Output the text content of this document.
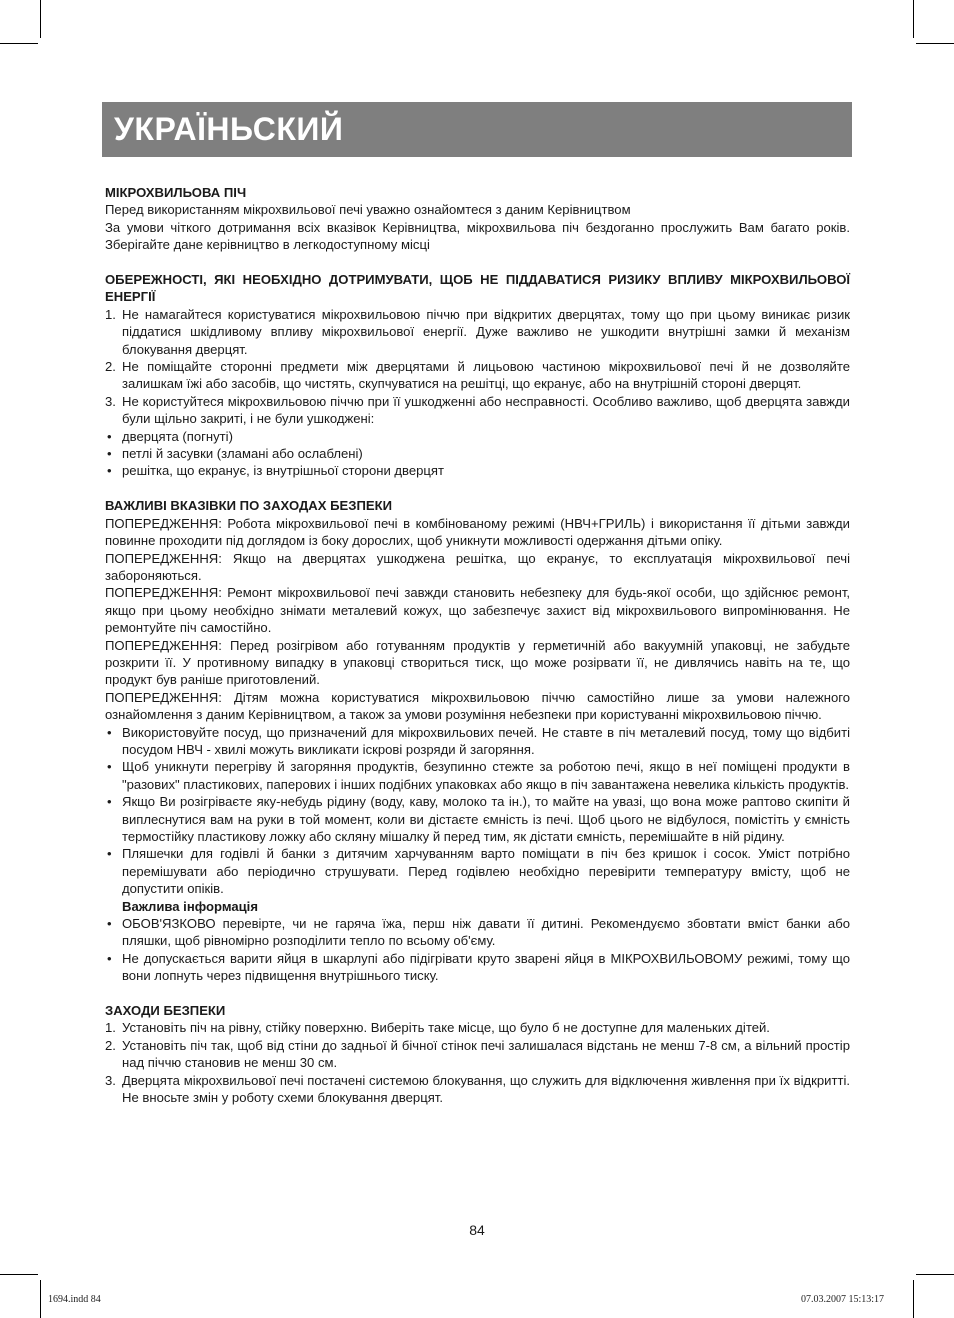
УКРАЇНЬСКИЙ

МІКРОХВИЛЬОВА ПІЧ

Перед використанням мікрохвильової печі уважно ознайомтеся з даним Керівництвом

За умови чіткого дотримання всіх вказівок Керівництва, мікрохвильова піч бездоганно прослужить Вам багато років. Зберігайте дане керівництво в легкодоступному місці

ОБЕРЕЖНОСТІ, ЯКІ НЕОБХІДНО ДОТРИМУВАТИ, ЩОБ НЕ ПІДДАВАТИСЯ РИЗИКУ ВПЛИВУ МІКРОХВИЛЬОВОЇ ЕНЕРГІЇ

1. Не намагайтеся користуватися мікрохвильовою піччю при відкритих дверцятах, тому що при цьому виникає ризик піддатися шкідливому впливу мікрохвильової енергії. Дуже важливо не ушкодити внутрішні замки й механізм блокування дверцят.
2. Не поміщайте сторонні предмети між дверцятами й лицьовою частиною мікрохвильової печі й не дозволяйте залишкам їжі або засобів, що чистять, скупчуватися на решітці, що екранує, або на внутрішній стороні дверцят.
3. Не користуйтеся мікрохвильовою піччю при її ушкодженні або несправності. Особливо важливо, щоб дверцята завжди були щільно закриті, і не були ушкоджені:
• дверцята (погнуті)
• петлі й засувки (зламані або ослаблені)
• решітка, що екранує, із внутрішньої сторони дверцят

ВАЖЛИВІ ВКАЗІВКИ ПО ЗАХОДАХ БЕЗПЕКИ

ПОПЕРЕДЖЕННЯ: Робота мікрохвильової печі в комбінованому режимі (НВЧ+ГРИЛЬ) і використання її дітьми завжди повинне проходити під доглядом із боку дорослих, щоб уникнути можливості одержання дітьми опіку.

ПОПЕРЕДЖЕННЯ: Якщо на дверцятах ушкоджена решітка, що екранує, то експлуатація мікрохвильової печі забороняються.

ПОПЕРЕДЖЕННЯ: Ремонт мікрохвильової печі завжди становить небезпеку для будь-якої особи, що здійснює ремонт, якщо при цьому необхідно знімати металевий кожух, що забезпечує захист від мікрохвильового випромінювання. Не ремонтуйте піч самостійно.

ПОПЕРЕДЖЕННЯ: Перед розігрівом або готуванням продуктів у герметичній або вакуумній упаковці, не забудьте розкрити її. У противному випадку в упаковці створиться тиск, що може розірвати її, не дивлячись навіть на те, що продукт був раніше приготовлений.

ПОПЕРЕДЖЕННЯ: Дітям можна користуватися мікрохвильовою піччю самостійно лише за умови належного ознайомлення з даним Керівництвом, а також за умови розуміння небезпеки при користуванні мікрохвильовою піччю.

• Використовуйте посуд, що призначений для мікрохвильових печей. Не ставте в піч металевий посуд, тому що відбиті посудом НВЧ - хвилі можуть викликати іскрові розряди й загоряння.
• Щоб уникнути перегріву й загоряння продуктів, безупинно стежте за роботою печі, якщо в неї поміщені продукти в "разових" пластикових, паперових і інших подібних упаковках або якщо в піч завантажена невелика кількість продуктів.
• Якщо Ви розігріваєте яку-небудь рідину (воду, каву, молоко та ін.), то майте на увазі, що вона може раптово скипіти й виплеснутися вам на руки в той момент, коли ви дістаєте ємність із печі. Щоб цього не відбулося, помістіть у ємність термостійку пластикову ложку або скляну мішалку й перед тим, як дістати ємність, перемішайте в ній рідину.
• Пляшечки для годівлі й банки з дитячим харчуванням варто поміщати в піч без кришок і сосок. Уміст потрібно перемішувати або періодично струшувати. Перед годівлею необхідно перевірити температуру вмісту, щоб не допустити опіків.

Важлива інформація

• ОБОВ'ЯЗКОВО перевірте, чи не гаряча їжа, перш ніж давати її дитині. Рекомендуємо збовтати вміст банки або пляшки, щоб рівномірно розподілити тепло по всьому об'єму.
• Не допускається варити яйця в шкарлупі або підігрівати круто зварені яйця в МІКРОХВИЛЬОВОМУ режимі, тому що вони лопнуть через підвищення внутрішнього тиску.

ЗАХОДИ БЕЗПЕКИ

1. Установіть піч на рівну, стійку поверхню. Виберіть таке місце, що було б не доступне для маленьких дітей.
2. Установіть піч так, щоб від стіни до задньої й бічної стінок печі залишалася відстань не менш 7-8 см, а вільний простір над піччю становив не менш 30 см.
3. Дверцята мікрохвильової печі постачені системою блокування, що служить для відключення живлення при їх відкритті. Не вносьте змін у роботу схеми блокування дверцят.
84
1694.indd 84	07.03.2007 15:13:17
